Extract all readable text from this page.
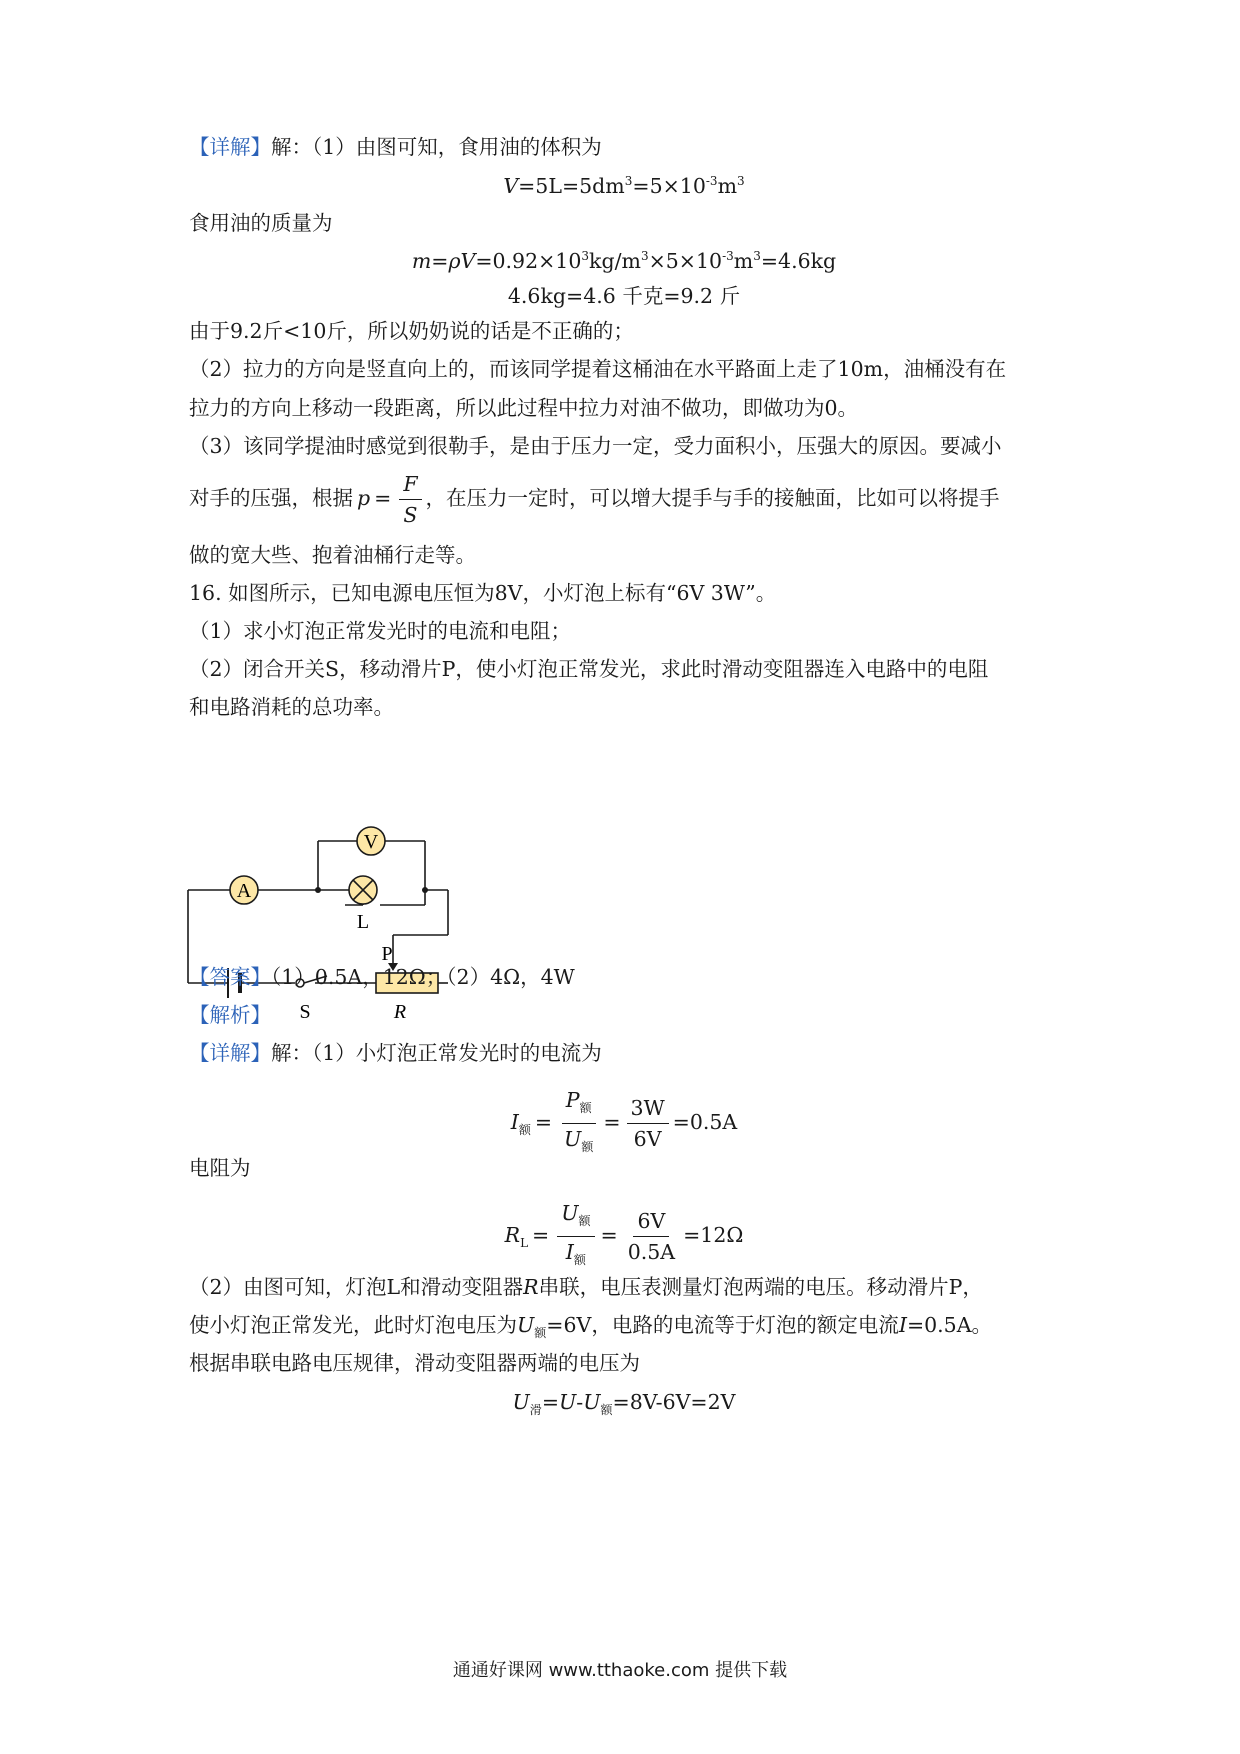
【详解】解：（1）由图可知，食用油的体积为
$V=5L=5dm^3=5\times 10^{-3}m^3$
食用油的质量为
$m=\rho V=0.92\times 10^3kg/m^3\times 5\times 10^{-3}m^3=4.6kg$
4.6kg=4.6 千克=9.2 斤
由于9.2斤<10斤，所以奶奶说的话是不正确的；
（2）拉力的方向是竖直向上的，而该同学提着这桶油在水平路面上走了10m，油桶没有在
拉力的方向上移动一段距离，所以此过程中拉力对油不做功，即做功为0。
（3）该同学提油时感觉到很勒手，是由于压力一定，受力面积小，压强大的原因。要减小
对手的压强，根据 $p = \frac{F}{S}$ ，在压力一定时，可以增大提手与手的接触面，比如可以将提手
做的宽大些、抱着油桶行走等。
16. 如图所示，已知电源电压恒为8V，小灯泡上标有“6V 3W”。
（1）求小灯泡正常发光时的电流和电阻；
（2）闭合开关S，移动滑片P，使小灯泡正常发光，求此时滑动变阻器连入电路中的电阻
和电路消耗的总功率。
A
V
L
P
S	R
【答案】（1）0.5A，12Ω；（2）4Ω，4W
【解析】
【详解】解：（1）小灯泡正常发光时的电流为
$I_额 = \frac{P_额}{U_额} = \frac{3W}{6V} =0.5A$
电阻为
$R_L = \frac{U_额}{I_额} = \frac{6V}{0.5A} =12\Omega$
（2）由图可知，灯泡L和滑动变阻器R串联，电压表测量灯泡两端的电压。移动滑片P，
使小灯泡正常发光，此时灯泡电压为$U_额=6V$，电路的电流等于灯泡的额定电流I=0.5A。
根据串联电路电压规律，滑动变阻器两端的电压为
$U_滑=U-U_额=8V-6V=2V$
通通好课网 www.tthaoke.com 提供下载
